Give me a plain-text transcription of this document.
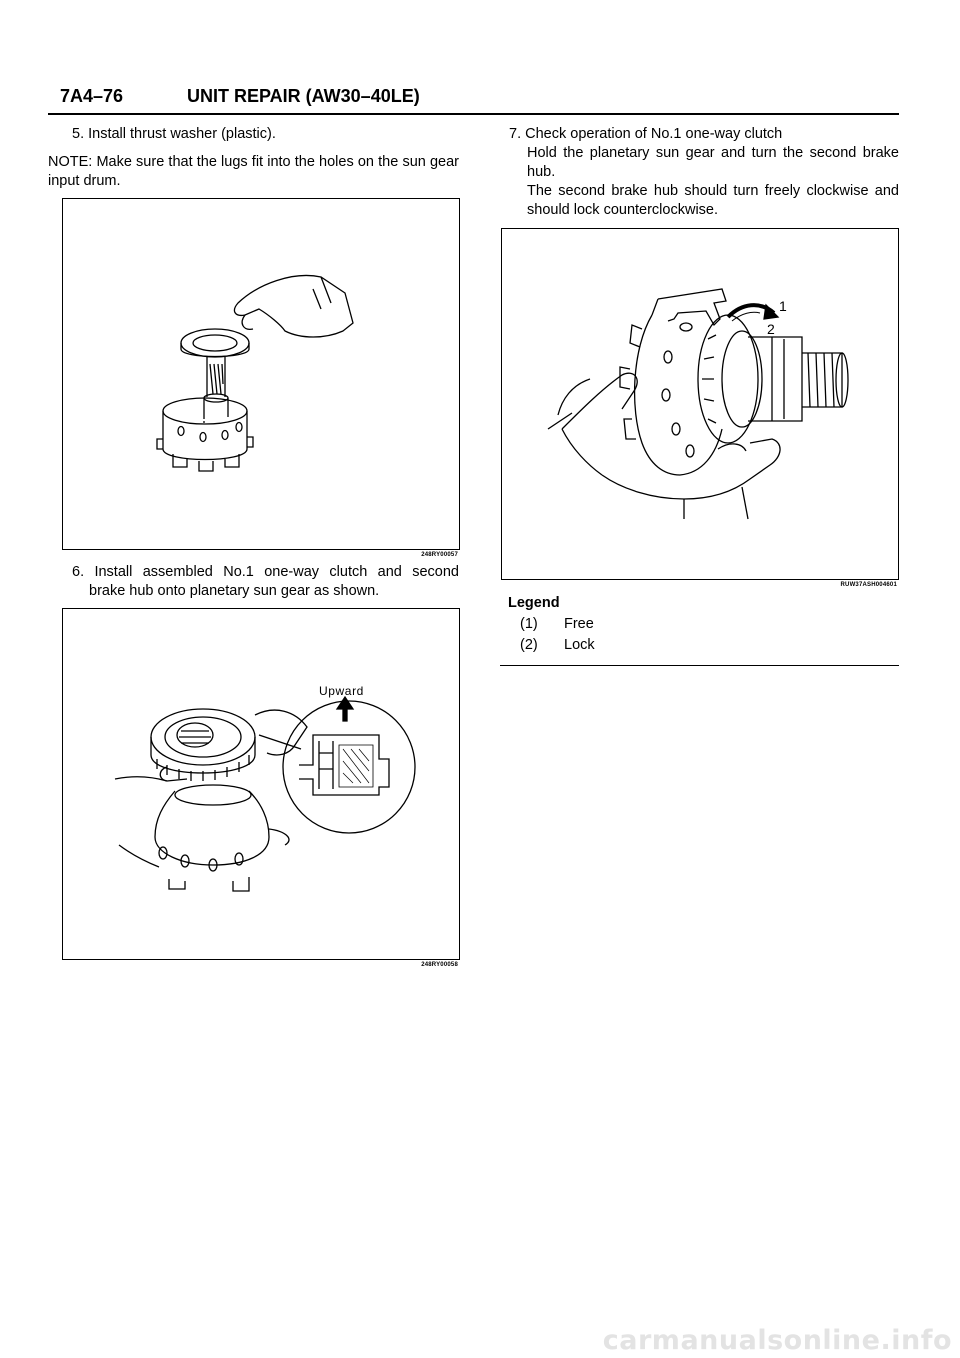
7A4–76	UNIT REPAIR (AW30–40LE)
5. Install thrust washer (plastic).
NOTE: Make sure that the lugs fit into the holes on the sun gear input drum.
248RY00057
6. Install assembled No.1 one-way clutch and second
brake hub onto planetary sun gear as shown.
Upward
248RY00058
7. Check operation of No.1 one-way clutch
Hold the planetary sun gear and turn the second brake hub.
The second brake hub should turn freely clockwise and should lock counterclockwise.
1
2
RUW37ASH004601
Legend
(1) Free
(2) Lock
carmanualsonline.info
